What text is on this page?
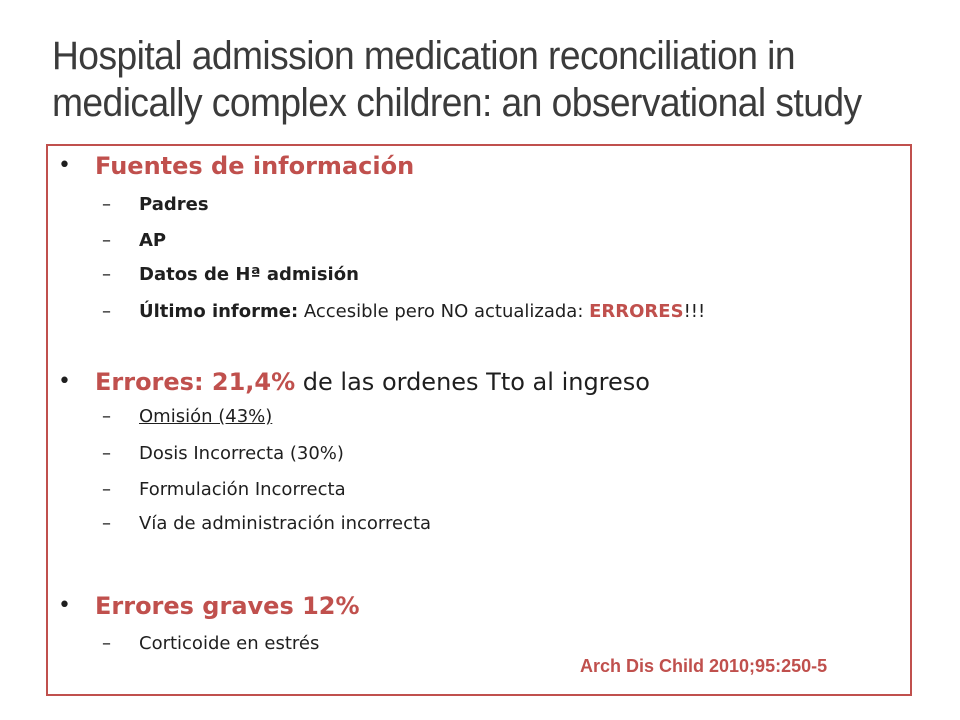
Hospital admission medication reconciliation in
medically complex children: an observational study
• Fuentes de información
– Padres
– AP
– Datos de Hª admisión
– Último informe: Accesible pero NO actualizada: ERRORES!!!
• Errores: 21,4% de las ordenes Tto al ingreso
– Omisión (43%)
– Dosis Incorrecta (30%)
– Formulación Incorrecta
– Vía de administración incorrecta
• Errores graves 12%
– Corticoide en estrés
Arch Dis Child 2010;95:250-5
